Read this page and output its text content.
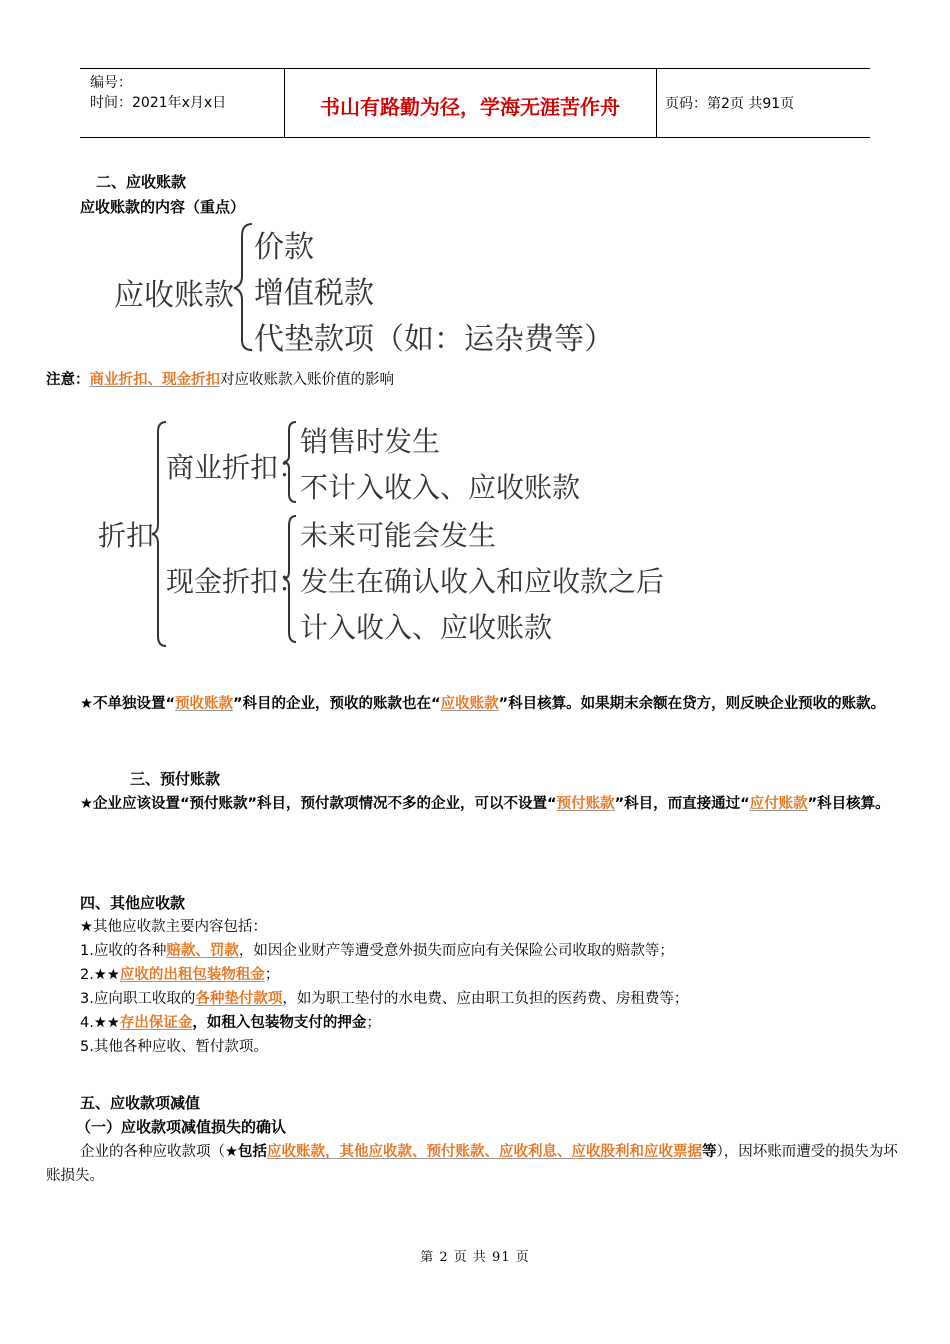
编号：
时间：2021年x月x日	书山有路勤为径，学海无涯苦作舟	页码：第2页 共91页
二、应收账款
应收账款的内容（重点）
应收账款
价款
增值税款
代垫款项（如：运杂费等）
注意：商业折扣、现金折扣对应收账款入账价值的影响
折扣
商业折扣：
销售时发生
不计入收入、应收账款
现金折扣：
未来可能会发生
发生在确认收入和应收款之后
计入收入、应收账款
★不单独设置“预收账款”科目的企业，预收的账款也在“应收账款”科目核算。如果期末余额在贷方，则反映企业预收的账款。
三、预付账款
★企业应该设置“预付账款”科目，预付款项情况不多的企业，可以不设置“预付账款”科目，而直接通过“应付账款”科目核算。
四、其他应收款
★其他应收款主要内容包括：
1.应收的各种赔款、罚款，如因企业财产等遭受意外损失而应向有关保险公司收取的赔款等；
2.★★应收的出租包装物租金；
3.应向职工收取的各种垫付款项，如为职工垫付的水电费、应由职工负担的医药费、房租费等；
4.★★存出保证金，如租入包装物支付的押金；
5.其他各种应收、暂付款项。
五、应收款项减值
（一）应收款项减值损失的确认
企业的各种应收款项（★包括应收账款，其他应收款、预付账款、应收利息、应收股利和应收票据等），因坏账而遭受的损失为坏账损失。
第 2 页 共 91 页
